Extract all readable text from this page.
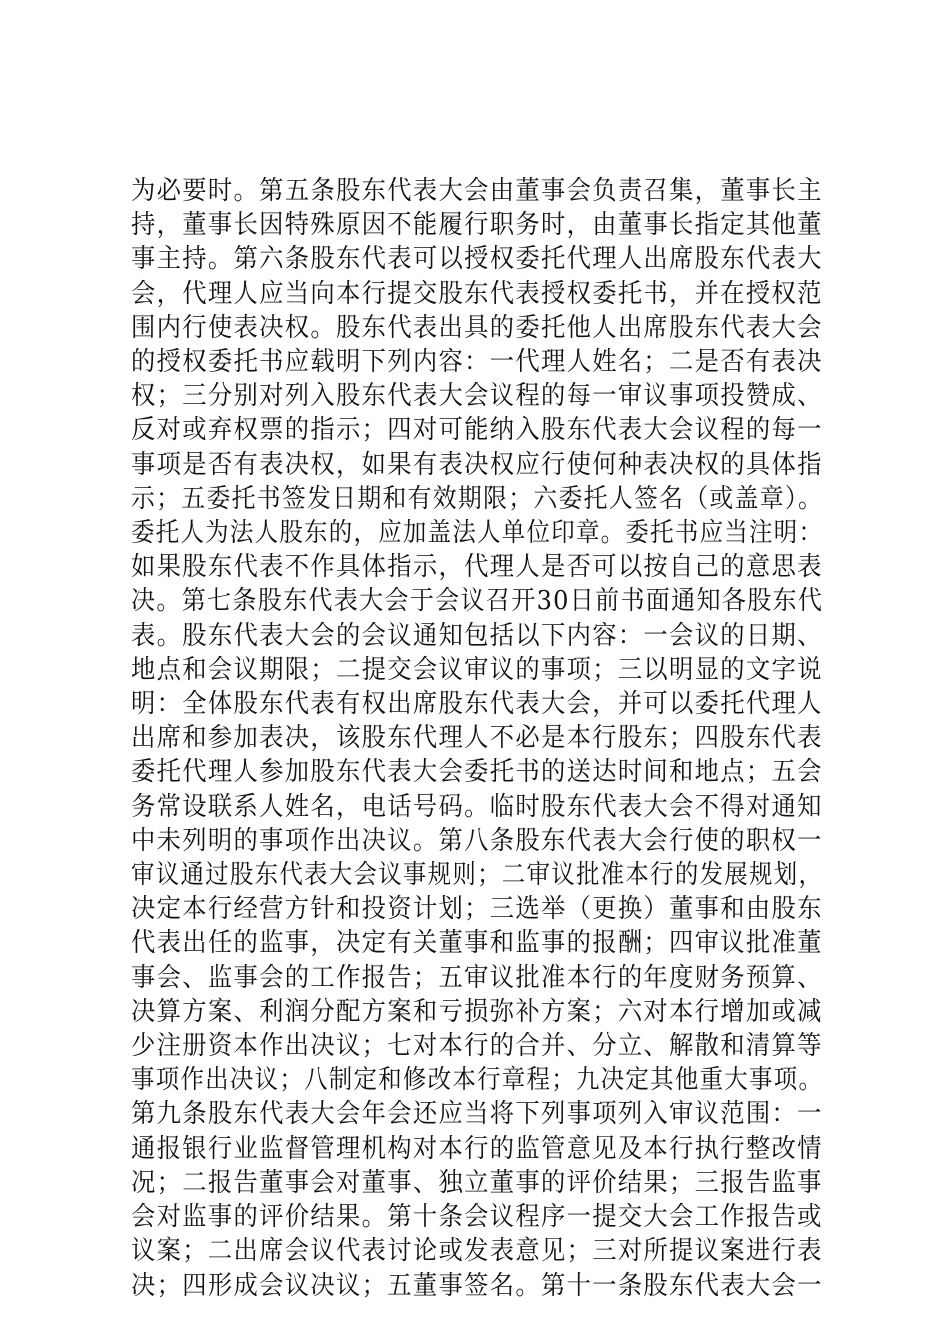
为必要时。第五条股东代表大会由董事会负责召集，董事长主
持，董事长因特殊原因不能履行职务时，由董事长指定其他董
事主持。第六条股东代表可以授权委托代理人出席股东代表大
会，代理人应当向本行提交股东代表授权委托书，并在授权范
围内行使表决权。股东代表出具的委托他人出席股东代表大会
的授权委托书应载明下列内容：一代理人姓名；二是否有表决
权；三分别对列入股东代表大会议程的每一审议事项投赞成、
反对或弃权票的指示；四对可能纳入股东代表大会议程的每一
事项是否有表决权，如果有表决权应行使何种表决权的具体指
示；五委托书签发日期和有效期限；六委托人签名（或盖章）。
委托人为法人股东的，应加盖法人单位印章。委托书应当注明：
如果股东代表不作具体指示，代理人是否可以按自己的意思表
决。第七条股东代表大会于会议召开30日前书面通知各股东代
表。股东代表大会的会议通知包括以下内容：一会议的日期、
地点和会议期限；二提交会议审议的事项；三以明显的文字说
明：全体股东代表有权出席股东代表大会，并可以委托代理人
出席和参加表决，该股东代理人不必是本行股东；四股东代表
委托代理人参加股东代表大会委托书的送达时间和地点；五会
务常设联系人姓名，电话号码。临时股东代表大会不得对通知
中未列明的事项作出决议。第八条股东代表大会行使的职权一
审议通过股东代表大会议事规则；二审议批准本行的发展规划，
决定本行经营方针和投资计划；三选举（更换）董事和由股东
代表出任的监事，决定有关董事和监事的报酬；四审议批准董
事会、监事会的工作报告；五审议批准本行的年度财务预算、
决算方案、利润分配方案和亏损弥补方案；六对本行增加或减
少注册资本作出决议；七对本行的合并、分立、解散和清算等
事项作出决议；八制定和修改本行章程；九决定其他重大事项。
第九条股东代表大会年会还应当将下列事项列入审议范围：一
通报银行业监督管理机构对本行的监管意见及本行执行整改情
况；二报告董事会对董事、独立董事的评价结果；三报告监事
会对监事的评价结果。第十条会议程序一提交大会工作报告或
议案；二出席会议代表讨论或发表意见；三对所提议案进行表
决；四形成会议决议；五董事签名。第十一条股东代表大会一
